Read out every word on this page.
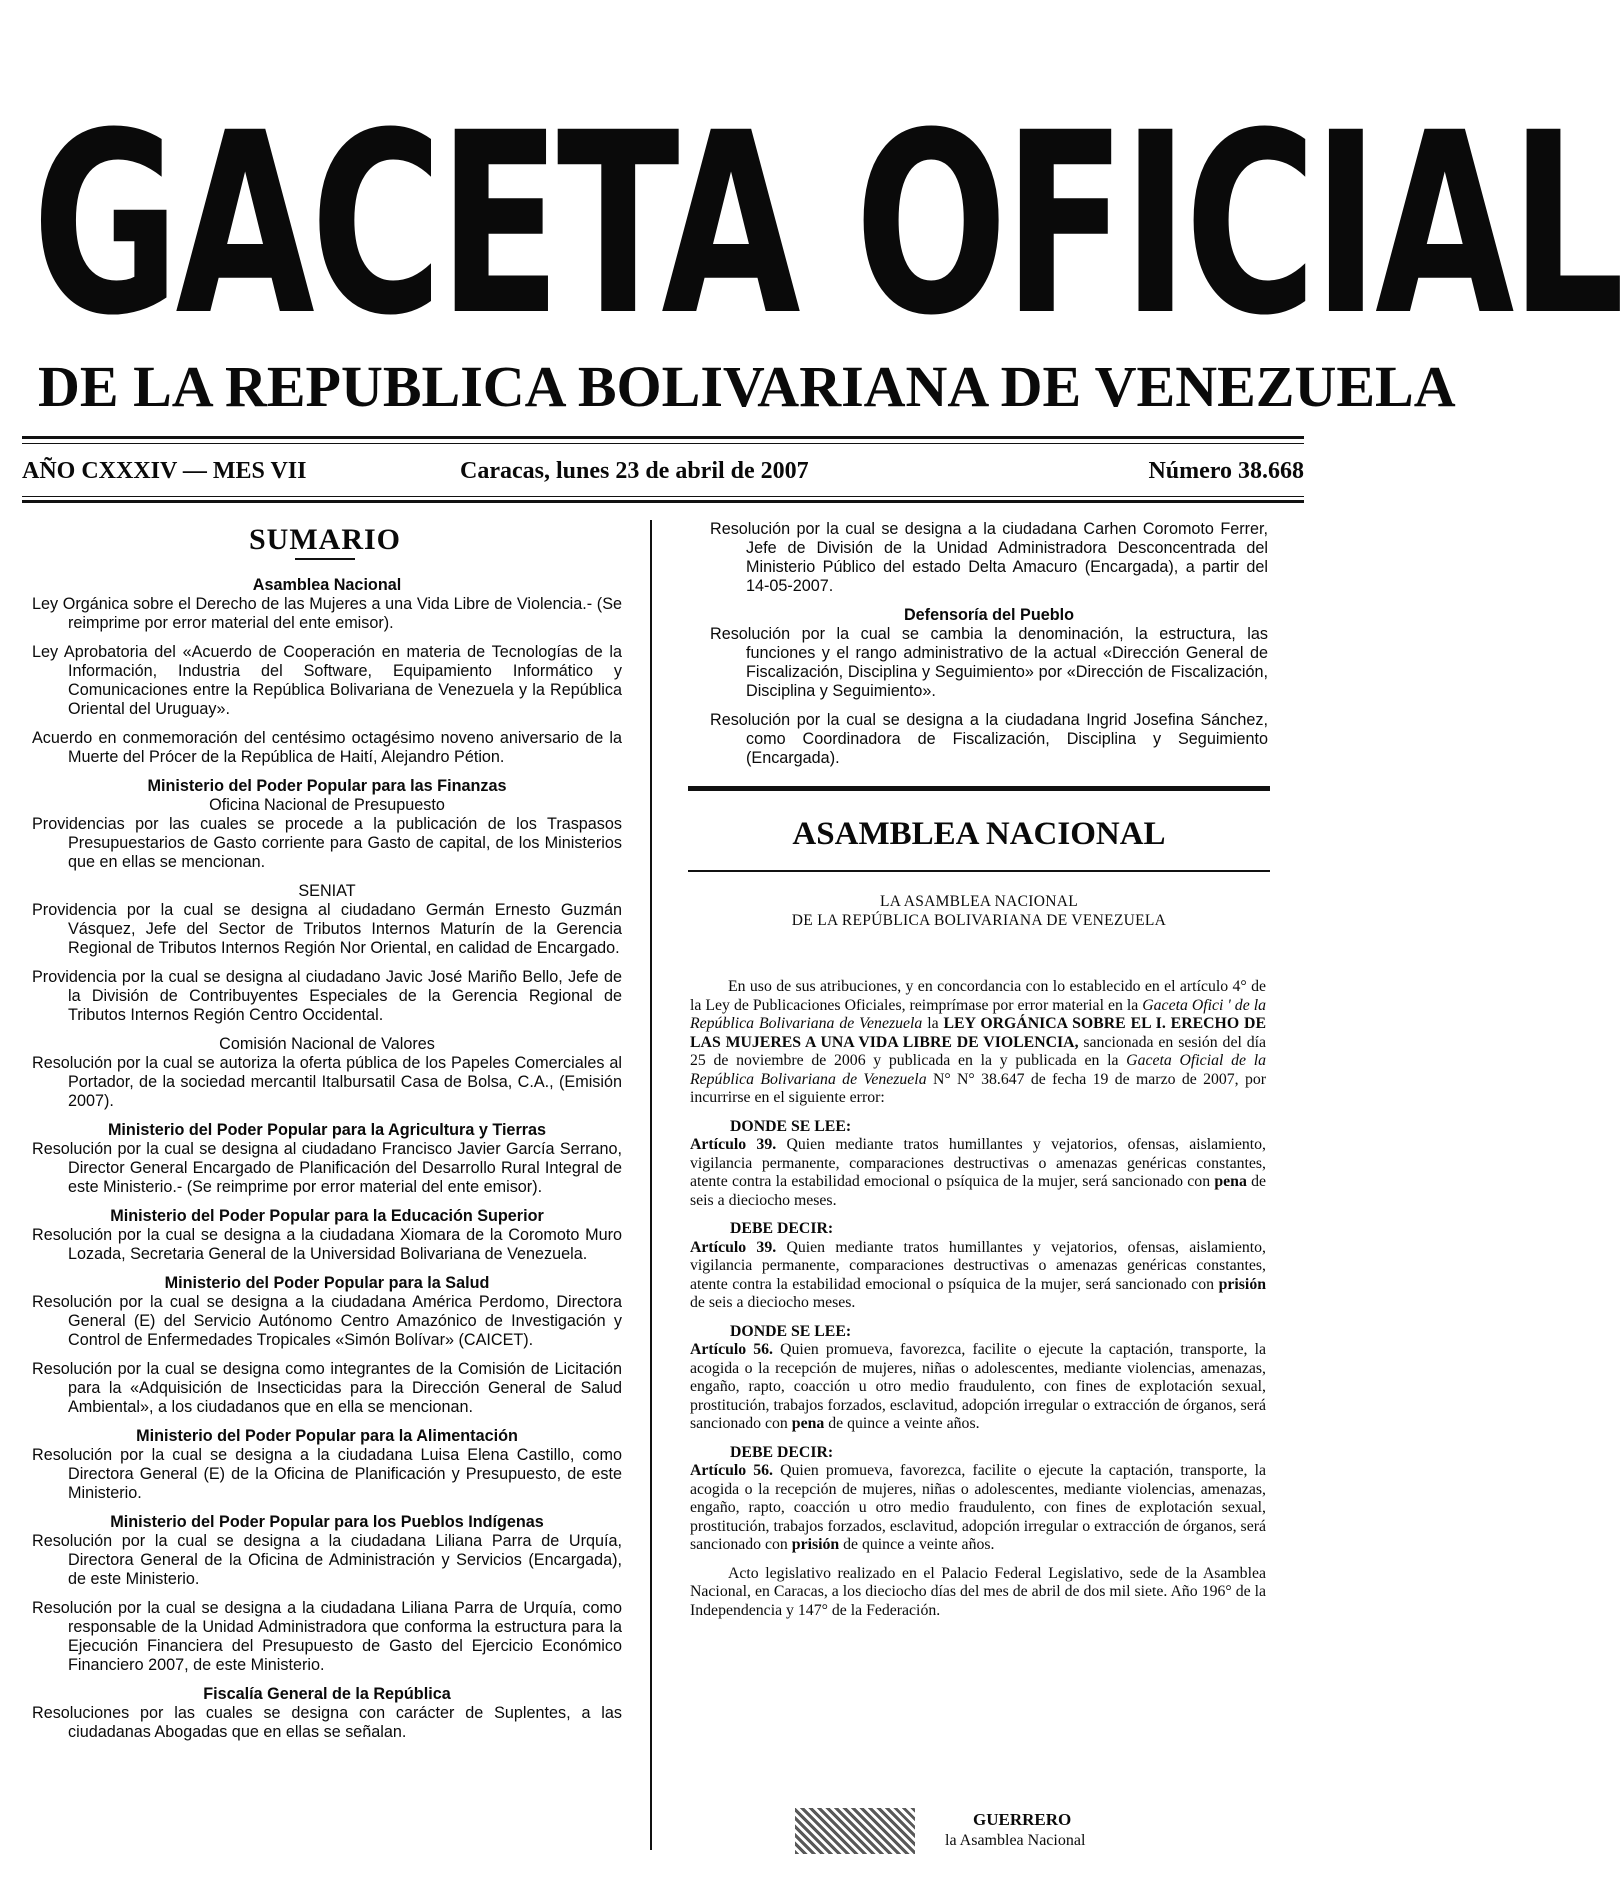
GACETA OFICIAL
DE LA REPUBLICA BOLIVARIANA DE VENEZUELA
AÑO CXXXIV — MES VII	Caracas, lunes 23 de abril de 2007	Número 38.668
SUMARIO

Asamblea Nacional

Ley Orgánica sobre el Derecho de las Mujeres a una Vida Libre de Violencia.- (Se reimprime por error material del ente emisor).

Ley Aprobatoria del «Acuerdo de Cooperación en materia de Tecnologías de la Información, Industria del Software, Equipamiento Informático y Comunicaciones entre la República Bolivariana de Venezuela y la República Oriental del Uruguay».

Acuerdo en conmemoración del centésimo octagésimo noveno aniversario de la Muerte del Prócer de la República de Haití, Alejandro Pétion.

Ministerio del Poder Popular para las Finanzas

Oficina Nacional de Presupuesto

Providencias por las cuales se procede a la publicación de los Traspasos Presupuestarios de Gasto corriente para Gasto de capital, de los Ministerios que en ellas se mencionan.

SENIAT

Providencia por la cual se designa al ciudadano Germán Ernesto Guzmán Vásquez, Jefe del Sector de Tributos Internos Maturín de la Gerencia Regional de Tributos Internos Región Nor Oriental, en calidad de Encargado.

Providencia por la cual se designa al ciudadano Javic José Mariño Bello, Jefe de la División de Contribuyentes Especiales de la Gerencia Regional de Tributos Internos Región Centro Occidental.

Comisión Nacional de Valores

Resolución por la cual se autoriza la oferta pública de los Papeles Comerciales al Portador, de la sociedad mercantil Italbursatil Casa de Bolsa, C.A., (Emisión 2007).

Ministerio del Poder Popular para la Agricultura y Tierras

Resolución por la cual se designa al ciudadano Francisco Javier García Serrano, Director General Encargado de Planificación del Desarrollo Rural Integral de este Ministerio.- (Se reimprime por error material del ente emisor).

Ministerio del Poder Popular para la Educación Superior

Resolución por la cual se designa a la ciudadana Xiomara de la Coromoto Muro Lozada, Secretaria General de la Universidad Bolivariana de Venezuela.

Ministerio del Poder Popular para la Salud

Resolución por la cual se designa a la ciudadana América Perdomo, Directora General (E) del Servicio Autónomo Centro Amazónico de Investigación y Control de Enfermedades Tropicales «Simón Bolívar» (CAICET).

Resolución por la cual se designa como integrantes de la Comisión de Licitación para la «Adquisición de Insecticidas para la Dirección General de Salud Ambiental», a los ciudadanos que en ella se mencionan.

Ministerio del Poder Popular para la Alimentación

Resolución por la cual se designa a la ciudadana Luisa Elena Castillo, como Directora General (E) de la Oficina de Planificación y Presupuesto, de este Ministerio.

Ministerio del Poder Popular para los Pueblos Indígenas

Resolución por la cual se designa a la ciudadana Liliana Parra de Urquía, Directora General de la Oficina de Administración y Servicios (Encargada), de este Ministerio.

Resolución por la cual se designa a la ciudadana Liliana Parra de Urquía, como responsable de la Unidad Administradora que conforma la estructura para la Ejecución Financiera del Presupuesto de Gasto del Ejercicio Económico Financiero 2007, de este Ministerio.

Fiscalía General de la República

Resoluciones por las cuales se designa con carácter de Suplentes, a las ciudadanas Abogadas que en ellas se señalan.

Resolución por la cual se designa a la ciudadana Carhen Coromoto Ferrer, Jefe de División de la Unidad Administradora Desconcentrada del Ministerio Público del estado Delta Amacuro (Encargada), a partir del 14-05-2007.

Defensoría del Pueblo

Resolución por la cual se cambia la denominación, la estructura, las funciones y el rango administrativo de la actual «Dirección General de Fiscalización, Disciplina y Seguimiento» por «Dirección de Fiscalización, Disciplina y Seguimiento».

Resolución por la cual se designa a la ciudadana Ingrid Josefina Sánchez, como Coordinadora de Fiscalización, Disciplina y Seguimiento (Encargada).

ASAMBLEA NACIONAL
LA ASAMBLEA NACIONAL
DE LA REPÚBLICA BOLIVARIANA DE VENEZUELA

En uso de sus atribuciones, y en concordancia con lo establecido en el artículo 4° de la Ley de Publicaciones Oficiales, reimprímase por error material en la Gaceta Ofici ' de la República Bolivariana de Venezuela la LEY ORGÁNICA SOBRE EL I. ERECHO DE LAS MUJERES A UNA VIDA LIBRE DE VIOLENCIA, sancionada en sesión del día 25 de noviembre de 2006 y publicada en la y publicada en la Gaceta Oficial de la República Bolivariana de Venezuela N° N° 38.647 de fecha 19 de marzo de 2007, por incurrirse en el siguiente error:

DONDE SE LEE:

Artículo 39. Quien mediante tratos humillantes y vejatorios, ofensas, aislamiento, vigilancia permanente, comparaciones destructivas o amenazas genéricas constantes, atente contra la estabilidad emocional o psíquica de la mujer, será sancionado con pena de seis a dieciocho meses.

DEBE DECIR:

Artículo 39. Quien mediante tratos humillantes y vejatorios, ofensas, aislamiento, vigilancia permanente, comparaciones destructivas o amenazas genéricas constantes, atente contra la estabilidad emocional o psíquica de la mujer, será sancionado con prisión de seis a dieciocho meses.

DONDE SE LEE:

Artículo 56. Quien promueva, favorezca, facilite o ejecute la captación, transporte, la acogida o la recepción de mujeres, niñas o adolescentes, mediante violencias, amenazas, engaño, rapto, coacción u otro medio fraudulento, con fines de explotación sexual, prostitución, trabajos forzados, esclavitud, adopción irregular o extracción de órganos, será sancionado con pena de quince a veinte años.

DEBE DECIR:

Artículo 56. Quien promueva, favorezca, facilite o ejecute la captación, transporte, la acogida o la recepción de mujeres, niñas o adolescentes, mediante violencias, amenazas, engaño, rapto, coacción u otro medio fraudulento, con fines de explotación sexual, prostitución, trabajos forzados, esclavitud, adopción irregular o extracción de órganos, será sancionado con prisión de quince a veinte años.

Acto legislativo realizado en el Palacio Federal Legislativo, sede de la Asamblea Nacional, en Caracas, a los dieciocho días del mes de abril de dos mil siete. Año 196° de la Independencia y 147° de la Federación.

GUERRERO
la Asamblea Nacional
